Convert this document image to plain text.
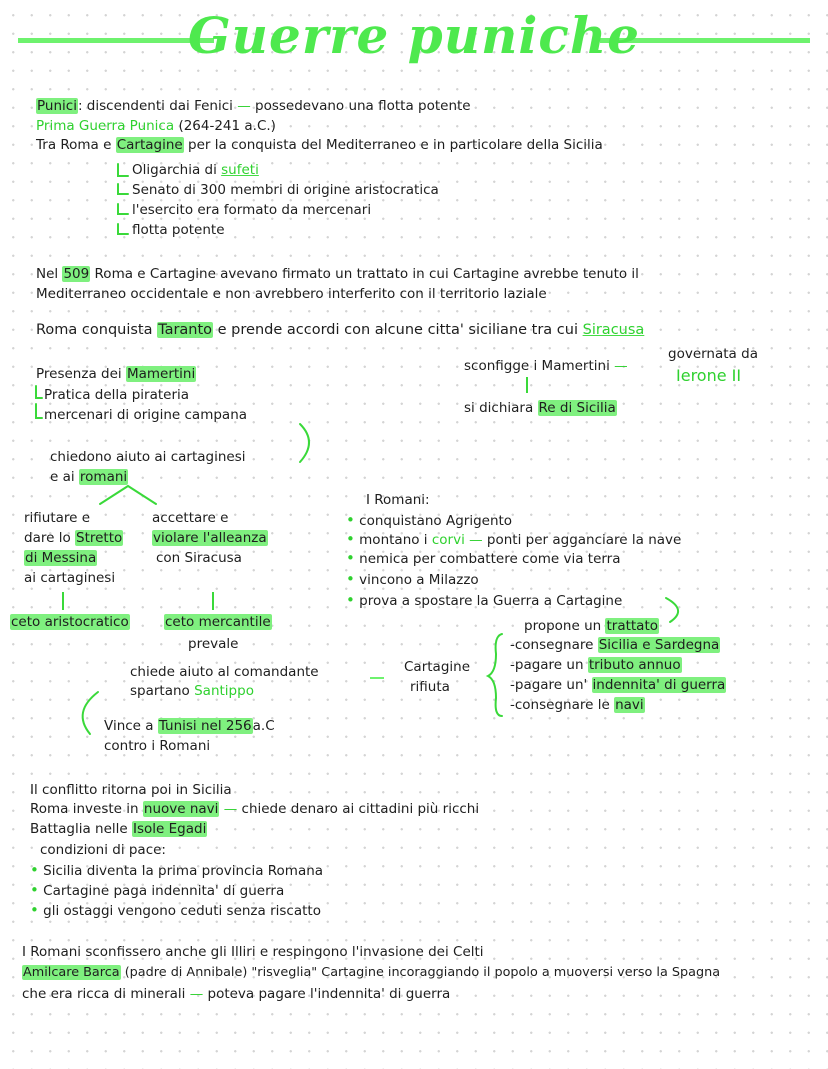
Guerre puniche
Punici: discendenti dai Fenici — possedevano una flotta potente
Prima Guerra Punica (264-241 a.C.)
Tra Roma e Cartagine per la conquista del Mediterraneo e in particolare della Sicilia
Oligarchia di sufeti
Senato di 300 membri di origine aristocratica
l'esercito era formato da mercenari
flotta potente
Nel 509 Roma e Cartagine avevano firmato un trattato in cui Cartagine avrebbe tenuto il
Mediterraneo occidentale e non avrebbero interferito con il territorio laziale
Roma conquista Taranto e prende accordi con alcune citta' siciliane tra cui Siracusa
governata da
sconfigge i Mamertini —	Ierone II
si dichiara Re di Sicilia
Presenza dei Mamertini
Pratica della pirateria
mercenari di origine campana
chiedono aiuto ai cartaginesi
e ai romani
rifiutare e
dare lo Stretto
di Messina
ai cartaginesi
accettare e
violare l'alleanza
con Siracusa
ceto aristocratico	ceto mercantile
prevale
I Romani:
• conquistano Agrigento
• montano i corvi — ponti per agganciare la nave
• nemica per combattere come via terra
• vincono a Milazzo
• prova a spostare la Guerra a Cartagine
propone un trattato
-consegnare Sicilia e Sardegna
-pagare un tributo annuo
-pagare un' indennita' di guerra
-consegnare le navi
Cartagine
rifiuta
chiede aiuto al comandante
spartano Santippo
Vince a Tunisi nel 256a.C
contro i Romani
Il conflitto ritorna poi in Sicilia
Roma investe in nuove navi — chiede denaro ai cittadini più ricchi
Battaglia nelle Isole Egadi
condizioni di pace:
• Sicilia diventa la prima provincia Romana
• Cartagine paga indennita' di guerra
• gli ostaggi vengono ceduti senza riscatto
I Romani sconfissero anche gli Illiri e respingono l'invasione dei Celti
Amilcare Barca (padre di Annibale) "risveglia" Cartagine incoraggiando il popolo a muoversi verso la Spagna
che era ricca di minerali — poteva pagare l'indennita' di guerra
